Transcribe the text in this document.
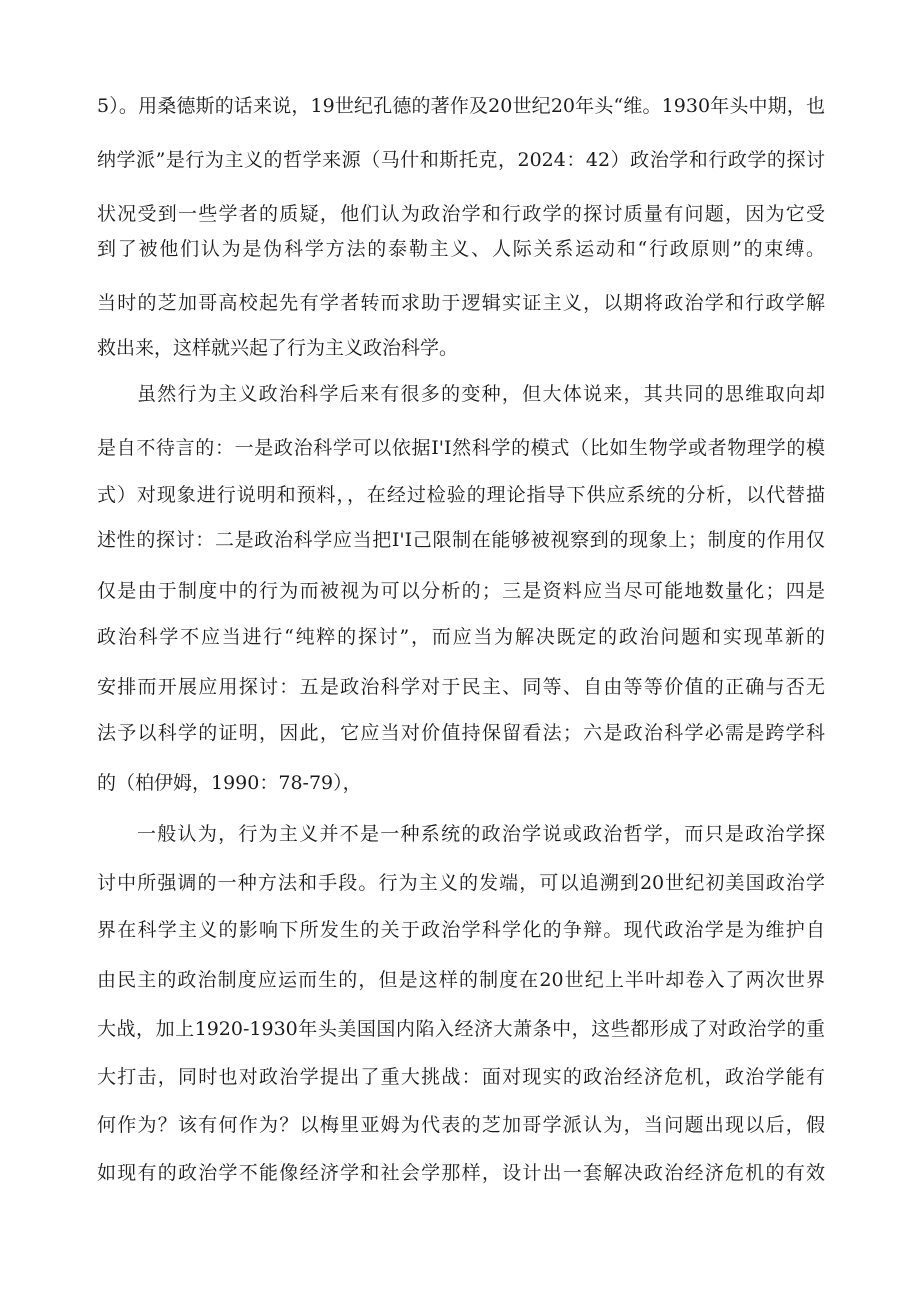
5）。用桑德斯的话来说，19世纪孔德的著作及20世纪20年头“维。1930年头中期，也
纳学派”是行为主义的哲学来源（马什和斯托克，2024：42）政治学和行政学的探讨
状况受到一些学者的质疑，他们认为政治学和行政学的探讨质量有问题，因为它受
到了被他们认为是伪科学方法的泰勒主义、人际关系运动和“行政原则”的束缚。
当时的芝加哥高校起先有学者转而求助于逻辑实证主义，以期将政治学和行政学解
救出来，这样就兴起了行为主义政治科学。
虽然行为主义政治科学后来有很多的变种，但大体说来，其共同的思维取向却
是自不待言的：一是政治科学可以依据I'I然科学的模式（比如生物学或者物理学的模
式）对现象进行说明和预料，，在经过检验的理论指导下供应系统的分析，以代替描
述性的探讨：二是政治科学应当把I'I己限制在能够被视察到的现象上；制度的作用仅
仅是由于制度中的行为而被视为可以分析的；三是资料应当尽可能地数量化；四是
政治科学不应当进行“纯粹的探讨”，而应当为解决既定的政治问题和实现革新的
安排而开展应用探讨：五是政治科学对于民主、同等、自由等等价值的正确与否无
法予以科学的证明，因此，它应当对价值持保留看法；六是政治科学必需是跨学科
的（柏伊姆，1990：78-79），
一般认为，行为主义并不是一种系统的政治学说或政治哲学，而只是政治学探
讨中所强调的一种方法和手段。行为主义的发端，可以追溯到20世纪初美国政治学
界在科学主义的影响下所发生的关于政治学科学化的争辩。现代政治学是为维护自
由民主的政治制度应运而生的，但是这样的制度在20世纪上半叶却卷入了两次世界
大战，加上1920-1930年头美国国内陷入经济大萧条中，这些都形成了对政治学的重
大打击，同时也对政治学提出了重大挑战：面对现实的政治经济危机，政治学能有
何作为？该有何作为？以梅里亚姆为代表的芝加哥学派认为，当问题出现以后，假
如现有的政治学不能像经济学和社会学那样，设计出一套解决政治经济危机的有效
